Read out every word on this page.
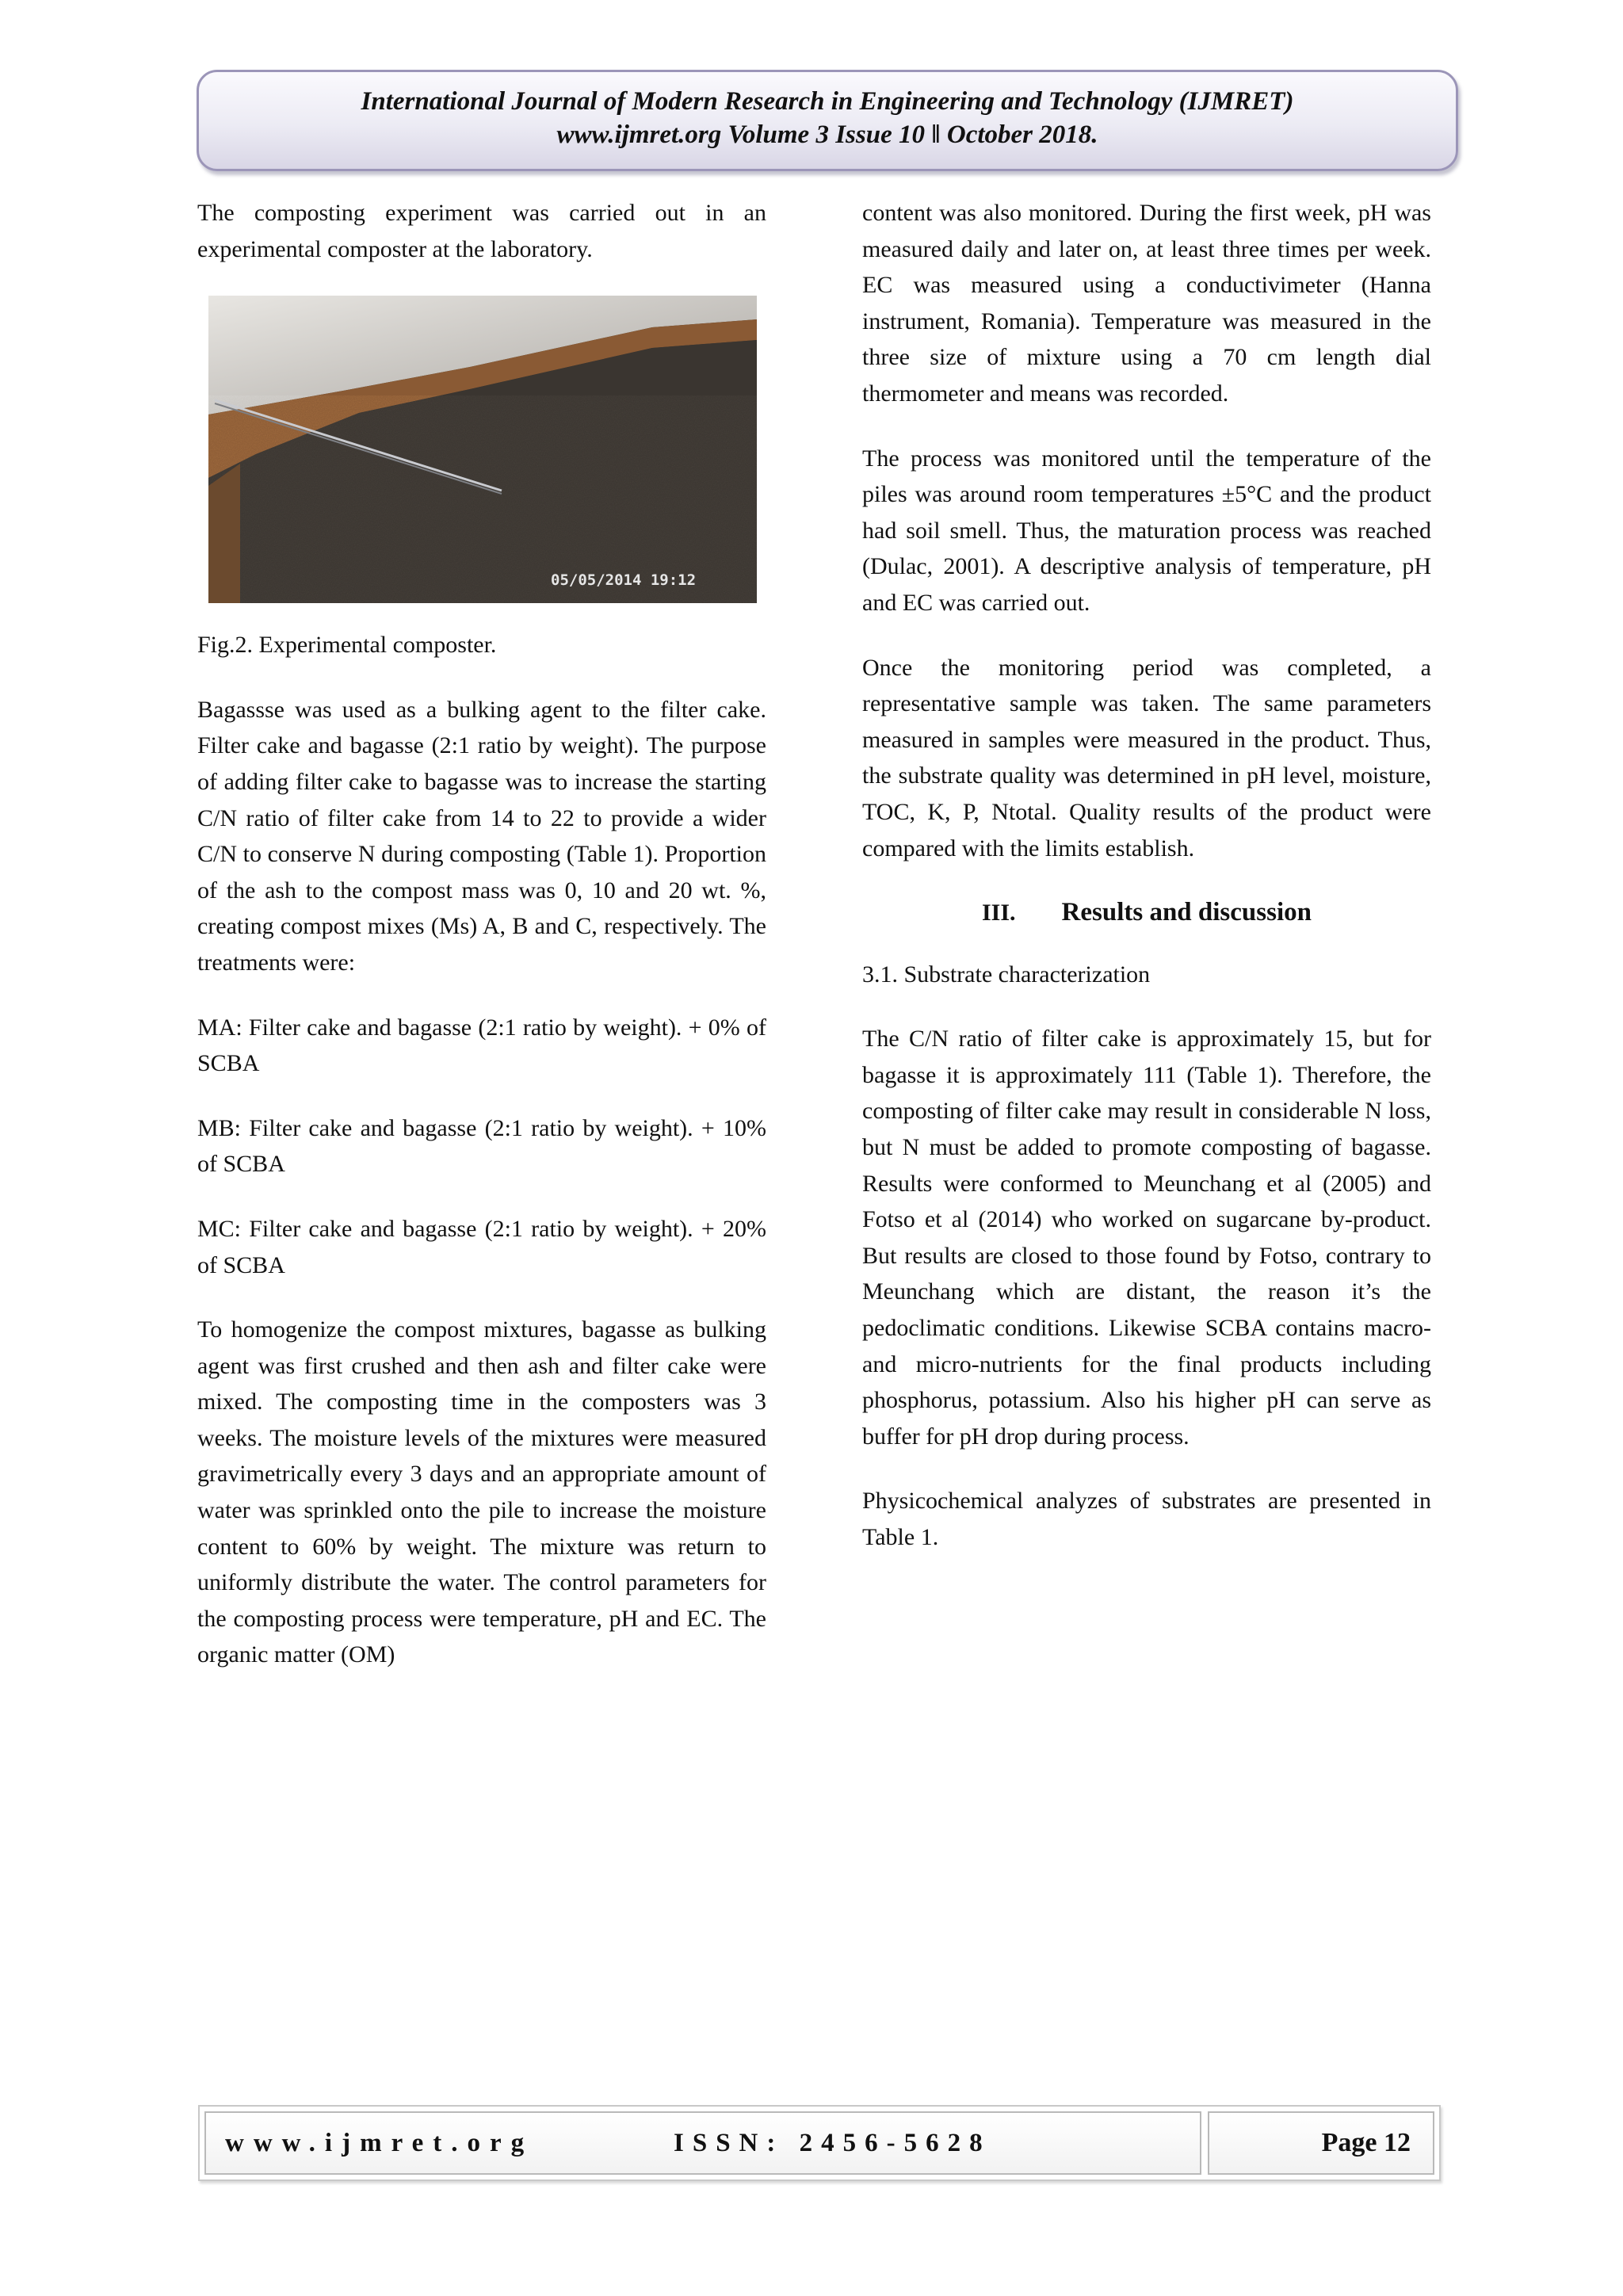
International Journal of Modern Research in Engineering and Technology (IJMRET)
www.ijmret.org Volume 3 Issue 10 ǁ October 2018.

The composting experiment was carried out in an experimental composter at the laboratory.

05/05/2014 19:12

Fig.2. Experimental composter.

Bagassse was used as a bulking agent to the filter cake. Filter cake and bagasse (2:1 ratio by weight). The purpose of adding filter cake to bagasse was to increase the starting C/N ratio of filter cake from 14 to 22 to provide a wider C/N to conserve N during composting (Table 1). Proportion of the ash to the compost mass was 0, 10 and 20 wt. %, creating compost mixes (Ms) A, B and C, respectively. The treatments were:

MA: Filter cake and bagasse (2:1 ratio by weight). + 0% of SCBA

MB: Filter cake and bagasse (2:1 ratio by weight). + 10% of SCBA

MC: Filter cake and bagasse (2:1 ratio by weight). + 20% of SCBA

To homogenize the compost mixtures, bagasse as bulking agent was first crushed and then ash and filter cake were mixed. The composting time in the composters was 3 weeks. The moisture levels of the mixtures were measured gravimetrically every 3 days and an appropriate amount of water was sprinkled onto the pile to increase the moisture content to 60% by weight. The mixture was return to uniformly distribute the water. The control parameters for the composting process were temperature, pH and EC. The organic matter (OM)

content was also monitored. During the first week, pH was measured daily and later on, at least three times per week. EC was measured using a conductivimeter (Hanna instrument, Romania). Temperature was measured in the three size of mixture using a 70 cm length dial thermometer and means was recorded.

The process was monitored until the temperature of the piles was around room temperatures ±5°C and the product had soil smell. Thus, the maturation process was reached (Dulac, 2001). A descriptive analysis of temperature, pH and EC was carried out.

Once the monitoring period was completed, a representative sample was taken. The same parameters measured in samples were measured in the product. Thus, the substrate quality was determined in pH level, moisture, TOC, K, P, Ntotal. Quality results of the product were compared with the limits establish.

III. Results and discussion

3.1. Substrate characterization

The C/N ratio of filter cake is approximately 15, but for bagasse it is approximately 111 (Table 1). Therefore, the composting of filter cake may result in considerable N loss, but N must be added to promote composting of bagasse. Results were conformed to Meunchang et al (2005) and Fotso et al (2014) who worked on sugarcane by-product. But results are closed to those found by Fotso, contrary to Meunchang which are distant, the reason it’s the pedoclimatic conditions. Likewise SCBA contains macro- and micro-nutrients for the final products including phosphorus, potassium. Also his higher pH can serve as buffer for pH drop during process.

Physicochemical analyzes of substrates are presented in Table 1.

www.ijmret.org	ISSN: 2456-5628	Page 12
